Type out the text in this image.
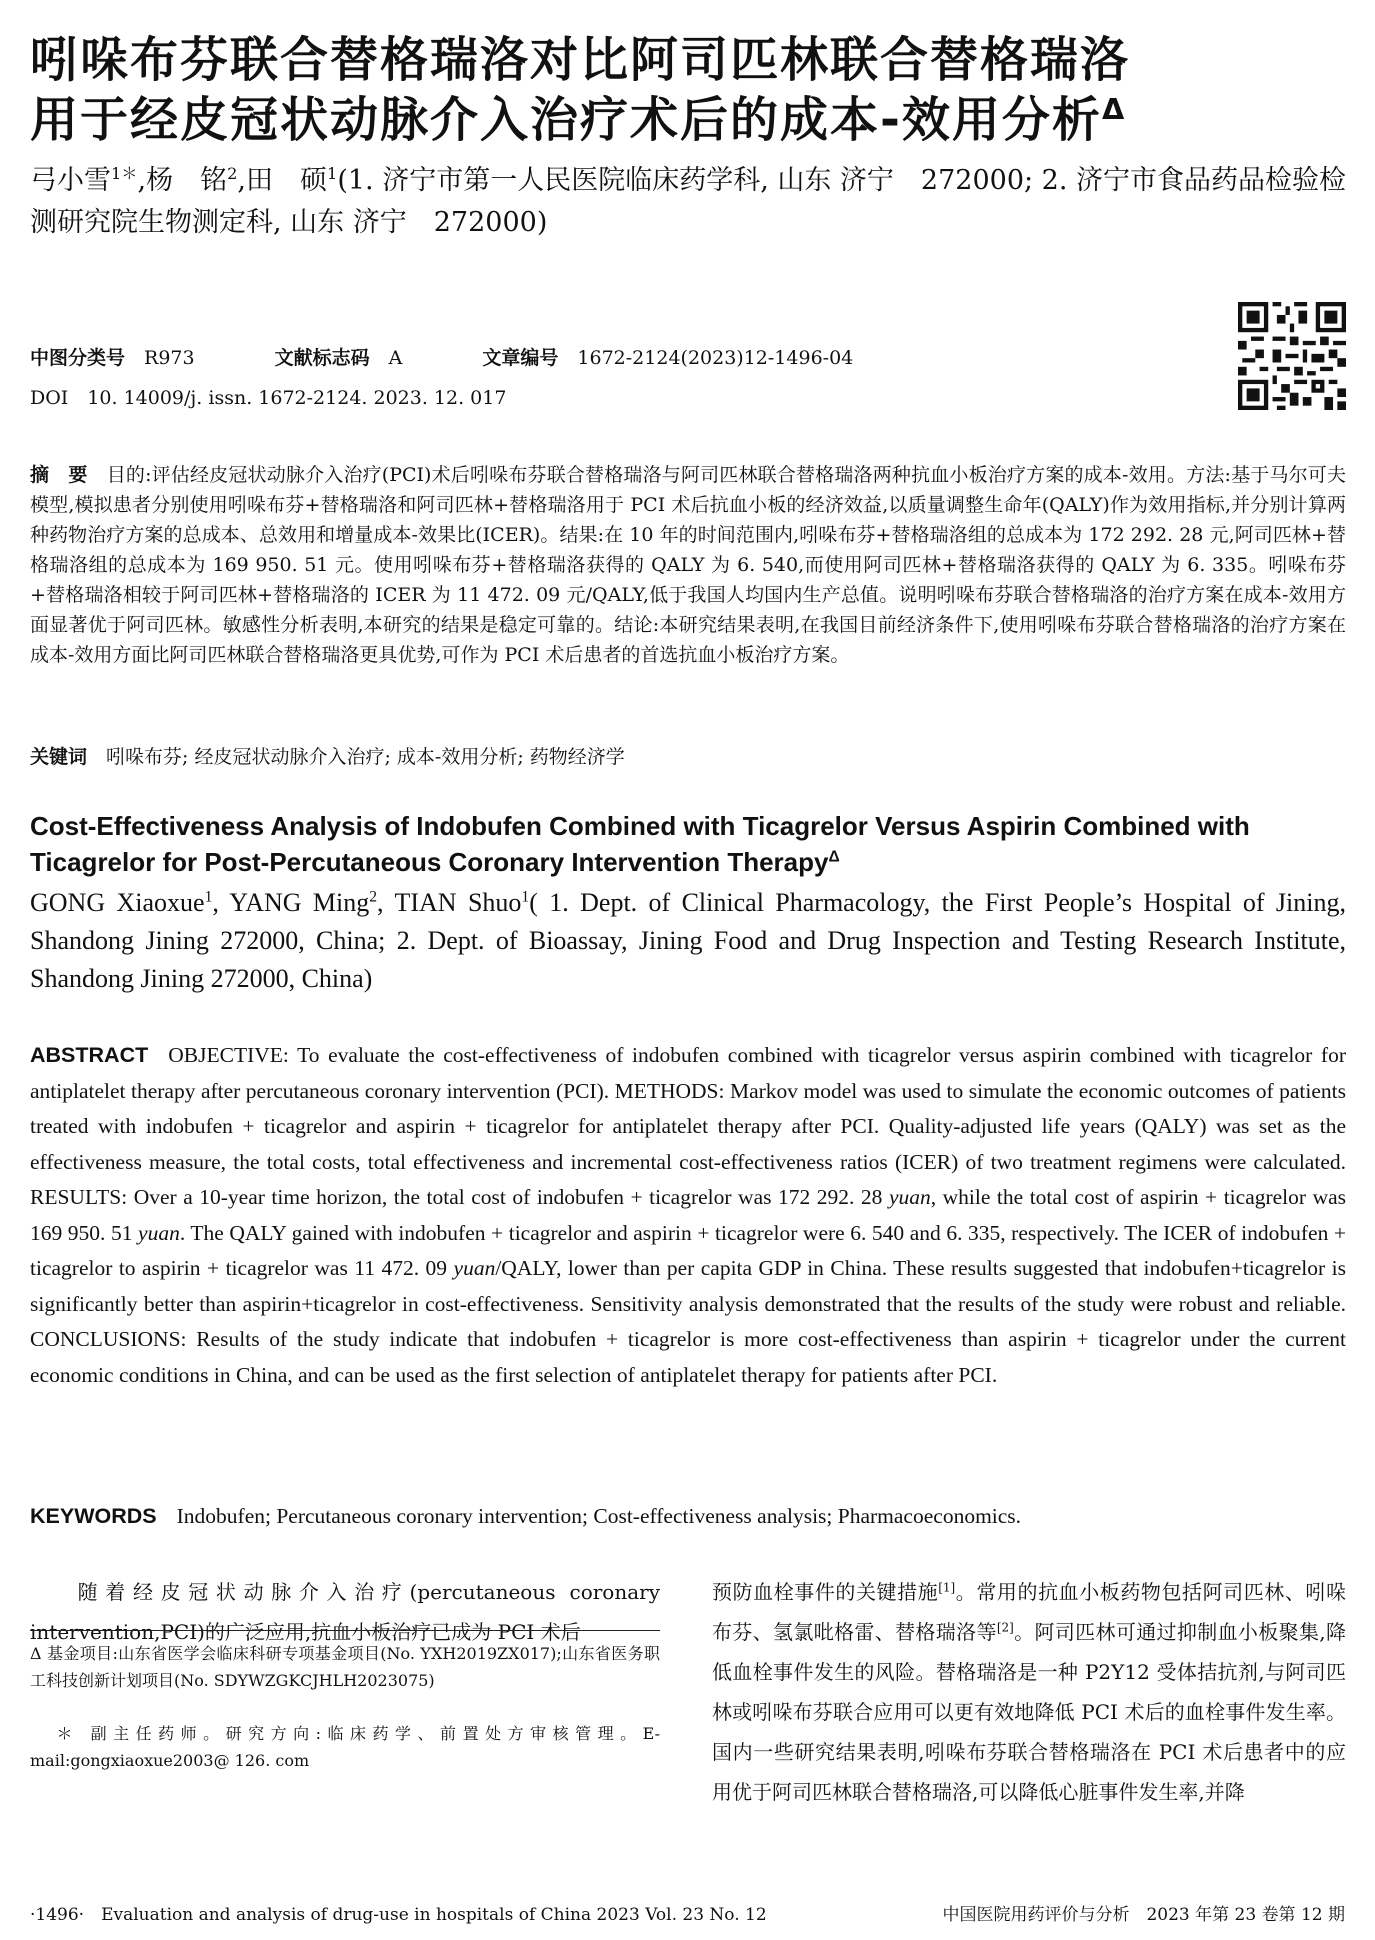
吲哚布芬联合替格瑞洛对比阿司匹林联合替格瑞洛
用于经皮冠状动脉介入治疗术后的成本-效用分析$^\Delta$
弓小雪$^{1*}$,杨　铭$^2$,田　硕$^1$(1. 济宁市第一人民医院临床药学科, 山东 济宁　272000; 2. 济宁市食品药品检验检测研究院生物测定科, 山东 济宁　272000)
中图分类号　 R973	文献标志码　 A	文章编号　 1672-2124(2023)12-1496-04
DOI　10. 14009/j. issn. 1672-2124. 2023. 12. 017
摘　要　 目的:评估经皮冠状动脉介入治疗(PCI)术后吲哚布芬联合替格瑞洛与阿司匹林联合替格瑞洛两种抗血小板治疗方案的成本-效用。方法:基于马尔可夫模型,模拟患者分别使用吲哚布芬+替格瑞洛和阿司匹林+替格瑞洛用于 PCI 术后抗血小板的经济效益,以质量调整生命年(QALY)作为效用指标,并分别计算两种药物治疗方案的总成本、总效用和增量成本-效果比(ICER)。结果:在 10 年的时间范围内,吲哚布芬+替格瑞洛组的总成本为 172 292. 28 元,阿司匹林+替格瑞洛组的总成本为 169 950. 51 元。使用吲哚布芬+替格瑞洛获得的 QALY 为 6. 540,而使用阿司匹林+替格瑞洛获得的 QALY 为 6. 335。吲哚布芬+替格瑞洛相较于阿司匹林+替格瑞洛的 ICER 为 11 472. 09 元/QALY,低于我国人均国内生产总值。说明吲哚布芬联合替格瑞洛的治疗方案在成本-效用方面显著优于阿司匹林。敏感性分析表明,本研究的结果是稳定可靠的。结论:本研究结果表明,在我国目前经济条件下,使用吲哚布芬联合替格瑞洛的治疗方案在成本-效用方面比阿司匹林联合替格瑞洛更具优势,可作为 PCI 术后患者的首选抗血小板治疗方案。
关键词　 吲哚布芬; 经皮冠状动脉介入治疗; 成本-效用分析; 药物经济学
Cost-Effectiveness Analysis of Indobufen Combined with Ticagrelor Versus Aspirin Combined with Ticagrelor for Post-Percutaneous Coronary Intervention Therapy$^\Delta$
GONG Xiaoxue$^1$, YANG Ming$^2$, TIAN Shuo$^1$( 1. Dept. of Clinical Pharmacology, the First People’s Hospital of Jining, Shandong Jining 272000, China; 2. Dept. of Bioassay, Jining Food and Drug Inspection and Testing Research Institute, Shandong Jining 272000, China)
ABSTRACT OBJECTIVE: To evaluate the cost-effectiveness of indobufen combined with ticagrelor versus aspirin combined with ticagrelor for antiplatelet therapy after percutaneous coronary intervention (PCI). METHODS: Markov model was used to simulate the economic outcomes of patients treated with indobufen + ticagrelor and aspirin + ticagrelor for antiplatelet therapy after PCI. Quality-adjusted life years (QALY) was set as the effectiveness measure, the total costs, total effectiveness and incremental cost-effectiveness ratios (ICER) of two treatment regimens were calculated. RESULTS: Over a 10-year time horizon, the total cost of indobufen + ticagrelor was 172 292. 28 yuan, while the total cost of aspirin + ticagrelor was 169 950. 51 yuan. The QALY gained with indobufen + ticagrelor and aspirin + ticagrelor were 6. 540 and 6. 335, respectively. The ICER of indobufen + ticagrelor to aspirin + ticagrelor was 11 472. 09 yuan/QALY, lower than per capita GDP in China. These results suggested that indobufen+ticagrelor is significantly better than aspirin+ticagrelor in cost-effectiveness. Sensitivity analysis demonstrated that the results of the study were robust and reliable. CONCLUSIONS: Results of the study indicate that indobufen + ticagrelor is more cost-effectiveness than aspirin + ticagrelor under the current economic conditions in China, and can be used as the first selection of antiplatelet therapy for patients after PCI.
KEYWORDS Indobufen; Percutaneous coronary intervention; Cost-effectiveness analysis; Pharmacoeconomics.
随着经皮冠状动脉介入治疗(percutaneous coronary intervention,PCI)的广泛应用,抗血小板治疗已成为 PCI 术后
Δ 基金项目:山东省医学会临床科研专项基金项目(No. YXH2019ZX017);山东省医务职工科技创新计划项目(No. SDYWZGKCJHLH2023075)
＊ 副主任药师。研究方向:临床药学、前置处方审核管理。E-mail:gongxiaoxue2003@ 126. com
预防血栓事件的关键措施[1]。常用的抗血小板药物包括阿司匹林、吲哚布芬、氢氯吡格雷、替格瑞洛等[2]。阿司匹林可通过抑制血小板聚集,降低血栓事件发生的风险。替格瑞洛是一种 P2Y12 受体拮抗剂,与阿司匹林或吲哚布芬联合应用可以更有效地降低 PCI 术后的血栓事件发生率。国内一些研究结果表明,吲哚布芬联合替格瑞洛在 PCI 术后患者中的应用优于阿司匹林联合替格瑞洛,可以降低心脏事件发生率,并降
·1496·　Evaluation and analysis of drug-use in hospitals of China 2023 Vol. 23 No. 12	中国医院用药评价与分析　2023 年第 23 卷第 12 期
